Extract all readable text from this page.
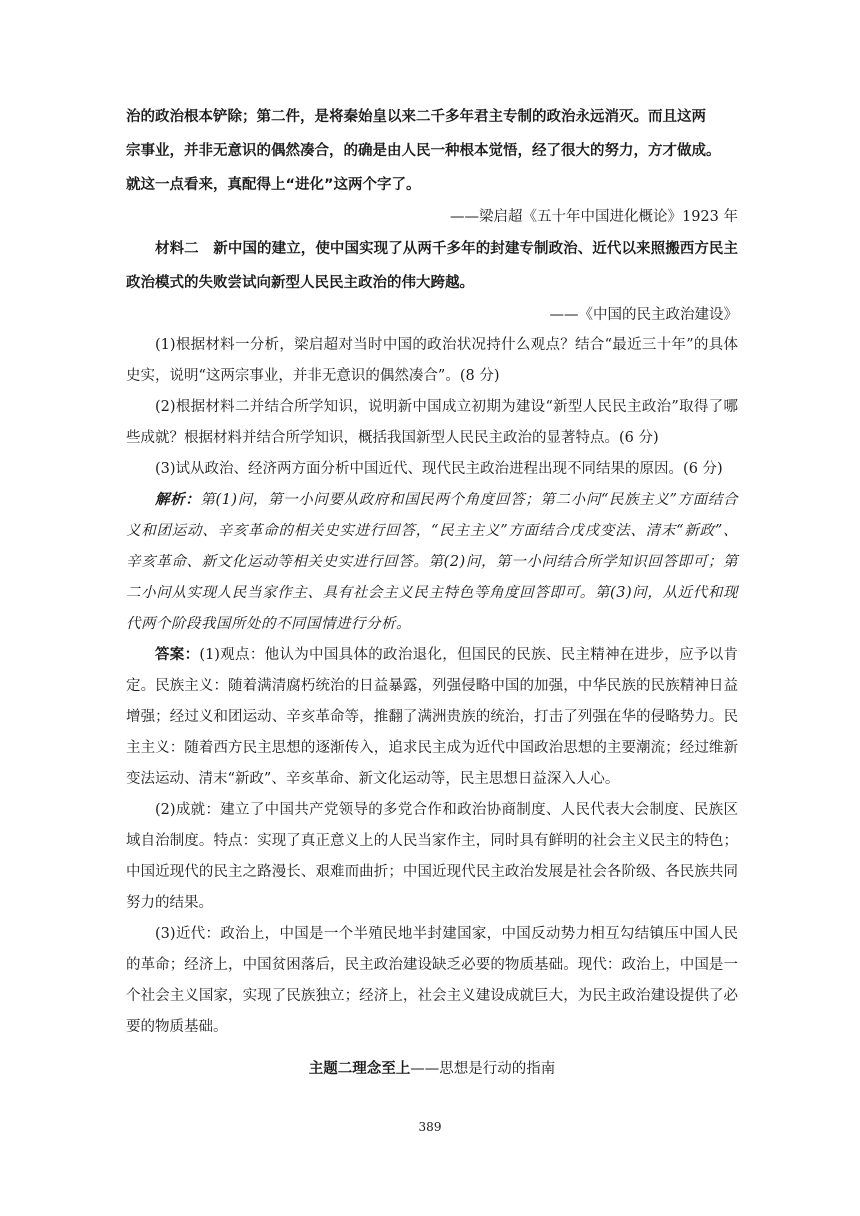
治的政治根本铲除；第二件，是将秦始皇以来二千多年君主专制的政治永远消灭。而且这两

宗事业，并非无意识的偶然凑合，的确是由人民一种根本觉悟，经了很大的努力，方才做成。

就这一点看来，真配得上“进化”这两个字了。

——梁启超《五十年中国进化概论》1923 年

材料二　新中国的建立，使中国实现了从两千多年的封建专制政治、近代以来照搬西方民主政治模式的失败尝试向新型人民民主政治的伟大跨越。

——《中国的民主政治建设》

(1)根据材料一分析，梁启超对当时中国的政治状况持什么观点？结合“最近三十年”的具体史实，说明“这两宗事业，并非无意识的偶然凑合”。(8 分)

(2)根据材料二并结合所学知识，说明新中国成立初期为建设“新型人民民主政治”取得了哪些成就？根据材料并结合所学知识，概括我国新型人民民主政治的显著特点。(6 分)

(3)试从政治、经济两方面分析中国近代、现代民主政治进程出现不同结果的原因。(6 分)

解析：第(1)问，第一小问要从政府和国民两个角度回答；第二小问“民族主义”方面结合义和团运动、辛亥革命的相关史实进行回答，“民主主义”方面结合戊戌变法、清末“新政”、辛亥革命、新文化运动等相关史实进行回答。第(2)问，第一小问结合所学知识回答即可；第二小问从实现人民当家作主、具有社会主义民主特色等角度回答即可。第(3)问，从近代和现代两个阶段我国所处的不同国情进行分析。

答案：(1)观点：他认为中国具体的政治退化，但国民的民族、民主精神在进步，应予以肯定。民族主义：随着满清腐朽统治的日益暴露，列强侵略中国的加强，中华民族的民族精神日益增强；经过义和团运动、辛亥革命等，推翻了满洲贵族的统治，打击了列强在华的侵略势力。民主主义：随着西方民主思想的逐渐传入，追求民主成为近代中国政治思想的主要潮流；经过维新变法运动、清末“新政”、辛亥革命、新文化运动等，民主思想日益深入人心。

(2)成就：建立了中国共产党领导的多党合作和政治协商制度、人民代表大会制度、民族区域自治制度。特点：实现了真正意义上的人民当家作主，同时具有鲜明的社会主义民主的特色；中国近现代的民主之路漫长、艰难而曲折；中国近现代民主政治发展是社会各阶级、各民族共同努力的结果。

(3)近代：政治上，中国是一个半殖民地半封建国家，中国反动势力相互勾结镇压中国人民的革命；经济上，中国贫困落后，民主政治建设缺乏必要的物质基础。现代：政治上，中国是一个社会主义国家，实现了民族独立；经济上，社会主义建设成就巨大，为民主政治建设提供了必要的物质基础。

主题二理念至上——思想是行动的指南

389
